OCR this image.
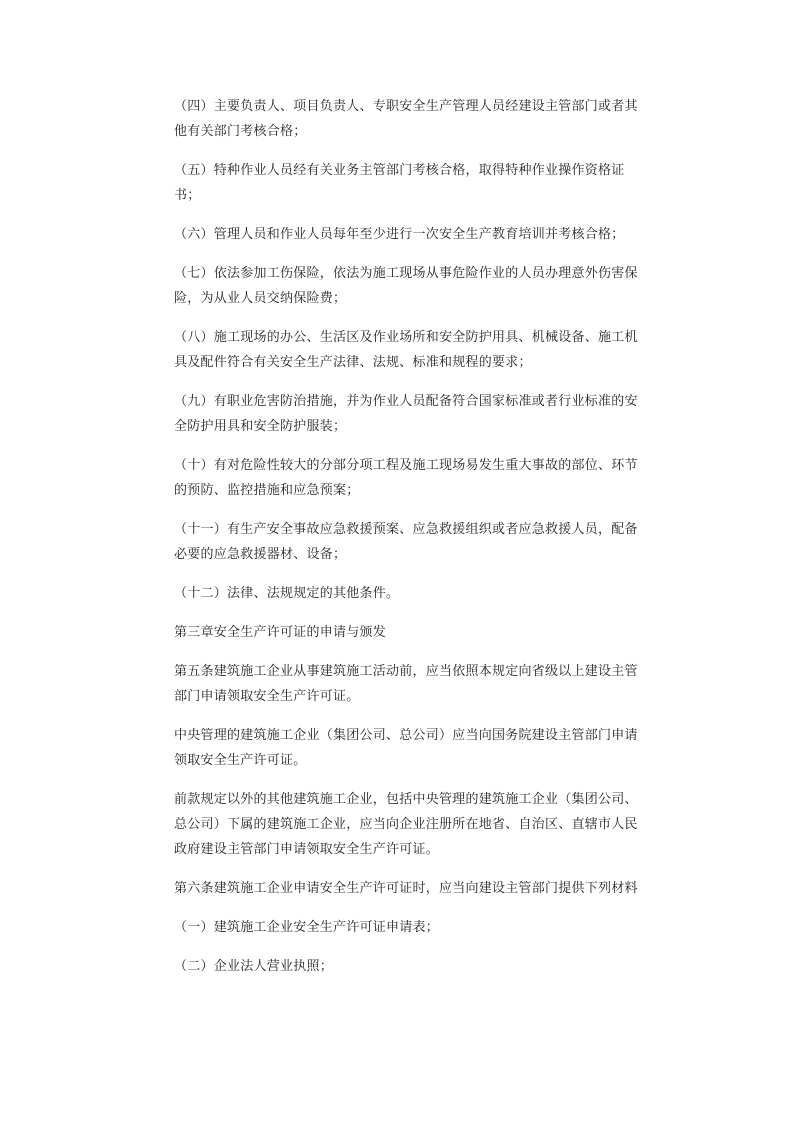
（四）主要负责人、项目负责人、专职安全生产管理人员经建设主管部门或者其他有关部门考核合格；

（五）特种作业人员经有关业务主管部门考核合格，取得特种作业操作资格证书；

（六）管理人员和作业人员每年至少进行一次安全生产教育培训并考核合格；

（七）依法参加工伤保险，依法为施工现场从事危险作业的人员办理意外伤害保险，为从业人员交纳保险费；

（八）施工现场的办公、生活区及作业场所和安全防护用具、机械设备、施工机具及配件符合有关安全生产法律、法规、标准和规程的要求；

（九）有职业危害防治措施，并为作业人员配备符合国家标准或者行业标准的安全防护用具和安全防护服装；

（十）有对危险性较大的分部分项工程及施工现场易发生重大事故的部位、环节的预防、监控措施和应急预案；

（十一）有生产安全事故应急救援预案、应急救援组织或者应急救援人员，配备必要的应急救援器材、设备；

（十二）法律、法规规定的其他条件。

第三章安全生产许可证的申请与颁发

第五条建筑施工企业从事建筑施工活动前，应当依照本规定向省级以上建设主管部门申请领取安全生产许可证。

中央管理的建筑施工企业（集团公司、总公司）应当向国务院建设主管部门申请领取安全生产许可证。

前款规定以外的其他建筑施工企业，包括中央管理的建筑施工企业（集团公司、总公司）下属的建筑施工企业，应当向企业注册所在地省、自治区、直辖市人民政府建设主管部门申请领取安全生产许可证。

第六条建筑施工企业申请安全生产许可证时，应当向建设主管部门提供下列材料

（一）建筑施工企业安全生产许可证申请表；

（二）企业法人营业执照；
